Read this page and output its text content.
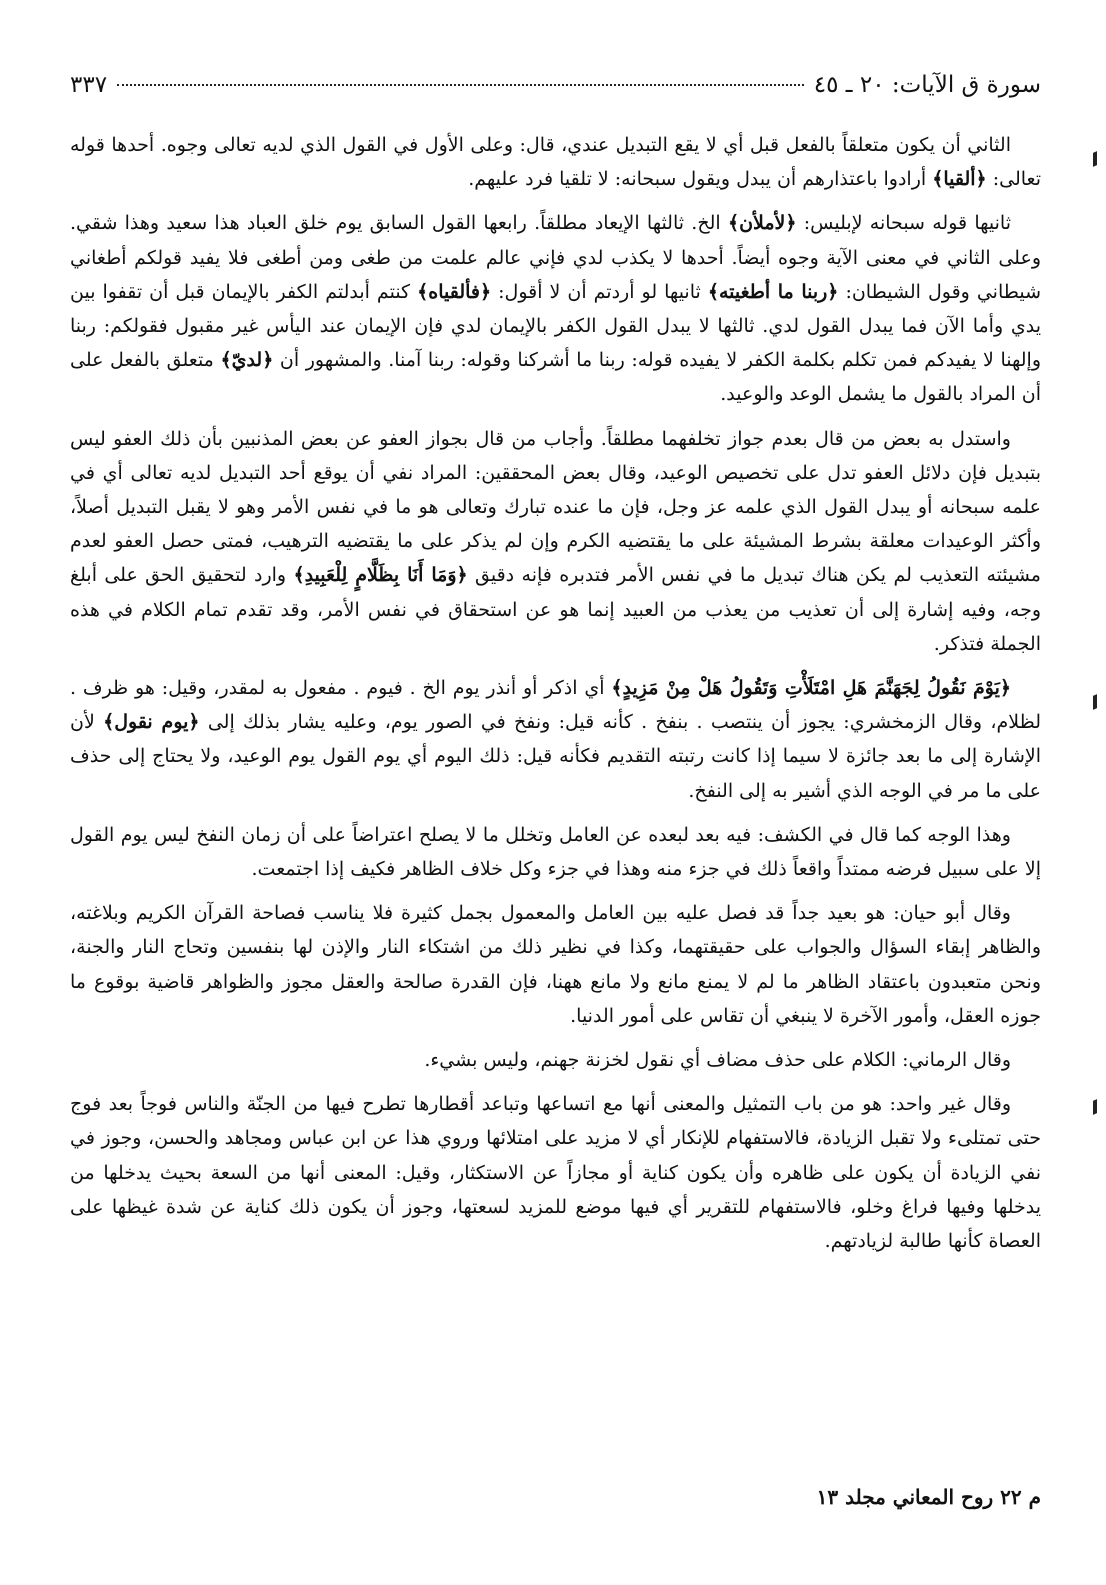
سورة ق الآيات: ٢٠ ـ ٤٥
٣٣٧

الثاني أن يكون متعلقاً بالفعل قبل أي لا يقع التبديل عندي، قال: وعلى الأول في القول الذي لديه تعالى وجوه. أحدها قوله تعالى: ﴿ألقيا﴾ أرادوا باعتذارهم أن يبدل ويقول سبحانه: لا تلقيا فرد عليهم.

ثانيها قوله سبحانه لإبليس: ﴿لأملأن﴾ الخ. ثالثها الإيعاد مطلقاً. رابعها القول السابق يوم خلق العباد هذا سعيد وهذا شقي. وعلى الثاني في معنى الآية وجوه أيضاً. أحدها لا يكذب لدي فإني عالم علمت من طغى ومن أطغى فلا يفيد قولكم أطغاني شيطاني وقول الشيطان: ﴿ربنا ما أطغيته﴾ ثانيها لو أردتم أن لا أقول: ﴿فألقياه﴾ كنتم أبدلتم الكفر بالإيمان قبل أن تقفوا بين يدي وأما الآن فما يبدل القول لدي. ثالثها لا يبدل القول الكفر بالإيمان لدي فإن الإيمان عند اليأس غير مقبول فقولكم: ربنا وإلهنا لا يفيدكم فمن تكلم بكلمة الكفر لا يفيده قوله: ربنا ما أشركنا وقوله: ربنا آمنا. والمشهور أن ﴿لديّ﴾ متعلق بالفعل على أن المراد بالقول ما يشمل الوعد والوعيد.

واستدل به بعض من قال بعدم جواز تخلفهما مطلقاً. وأجاب من قال بجواز العفو عن بعض المذنبين بأن ذلك العفو ليس بتبديل فإن دلائل العفو تدل على تخصيص الوعيد، وقال بعض المحققين: المراد نفي أن يوقع أحد التبديل لديه تعالى أي في علمه سبحانه أو يبدل القول الذي علمه عز وجل، فإن ما عنده تبارك وتعالى هو ما في نفس الأمر وهو لا يقبل التبديل أصلاً، وأكثر الوعيدات معلقة بشرط المشيئة على ما يقتضيه الكرم وإن لم يذكر على ما يقتضيه الترهيب، فمتى حصل العفو لعدم مشيئته التعذيب لم يكن هناك تبديل ما في نفس الأمر فتدبره فإنه دقيق ﴿وَمَا أَنَا بِظَلَّامٍ لِلْعَبِيدِ﴾ وارد لتحقيق الحق على أبلغ وجه، وفيه إشارة إلى أن تعذيب من يعذب من العبيد إنما هو عن استحقاق في نفس الأمر، وقد تقدم تمام الكلام في هذه الجملة فتذكر.

﴿يَوْمَ نَقُولُ لِجَهَنَّمَ هَلِ امْتَلَأْتِ وَتَقُولُ هَلْ مِنْ مَزِيدٍ﴾ أي اذكر أو أنذر يوم الخ . فيوم . مفعول به لمقدر، وقيل: هو ظرف . لظلام، وقال الزمخشري: يجوز أن ينتصب . بنفخ . كأنه قيل: ونفخ في الصور يوم، وعليه يشار بذلك إلى ﴿يوم نقول﴾ لأن الإشارة إلى ما بعد جائزة لا سيما إذا كانت رتبته التقديم فكأنه قيل: ذلك اليوم أي يوم القول يوم الوعيد، ولا يحتاج إلى حذف على ما مر في الوجه الذي أشير به إلى النفخ.

وهذا الوجه كما قال في الكشف: فيه بعد لبعده عن العامل وتخلل ما لا يصلح اعتراضاً على أن زمان النفخ ليس يوم القول إلا على سبيل فرضه ممتداً واقعاً ذلك في جزء منه وهذا في جزء وكل خلاف الظاهر فكيف إذا اجتمعت.

وقال أبو حيان: هو بعيد جداً قد فصل عليه بين العامل والمعمول بجمل كثيرة فلا يناسب فصاحة القرآن الكريم وبلاغته، والظاهر إبقاء السؤال والجواب على حقيقتهما، وكذا في نظير ذلك من اشتكاء النار والإذن لها بنفسين وتحاج النار والجنة، ونحن متعبدون باعتقاد الظاهر ما لم لا يمنع مانع ولا مانع ههنا، فإن القدرة صالحة والعقل مجوز والظواهر قاضية بوقوع ما جوزه العقل، وأمور الآخرة لا ينبغي أن تقاس على أمور الدنيا.

وقال الرماني: الكلام على حذف مضاف أي نقول لخزنة جهنم، وليس بشيء.

وقال غير واحد: هو من باب التمثيل والمعنى أنها مع اتساعها وتباعد أقطارها تطرح فيها من الجنّة والناس فوجاً بعد فوج حتى تمتلىء ولا تقبل الزيادة، فالاستفهام للإنكار أي لا مزيد على امتلائها وروي هذا عن ابن عباس ومجاهد والحسن، وجوز في نفي الزيادة أن يكون على ظاهره وأن يكون كناية أو مجازاً عن الاستكثار، وقيل: المعنى أنها من السعة بحيث يدخلها من يدخلها وفيها فراغ وخلو، فالاستفهام للتقرير أي فيها موضع للمزيد لسعتها، وجوز أن يكون ذلك كناية عن شدة غيظها على العصاة كأنها طالبة لزيادتهم.

م ٢٢ روح المعاني مجلد ١٣
